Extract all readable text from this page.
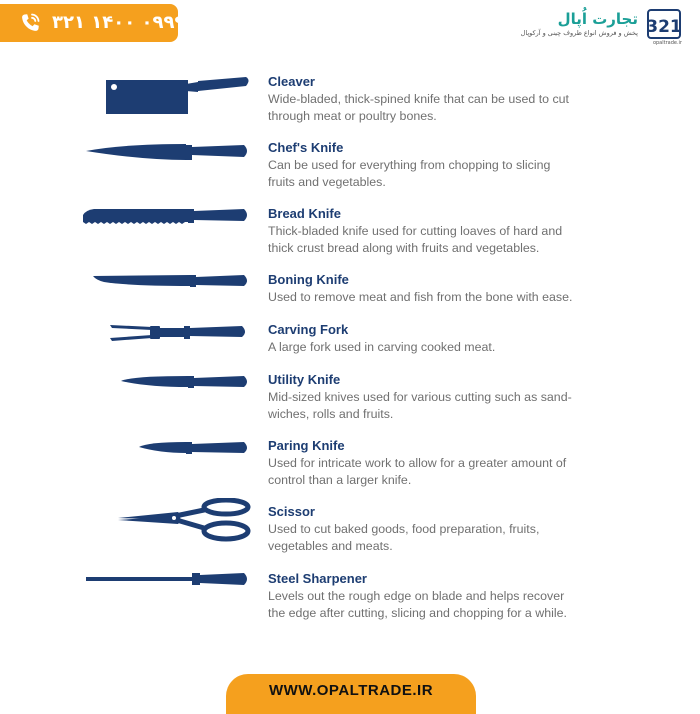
۰۹۹۹ ۱۴۰۰ ۳۲۱	تجارت اُپال
پخش و فروش انواع ظروف چینی و آرکوپال 321
opaltrade.ir
Cleaver
Wide-bladed, thick-spined knife that can be used to cut
through meat or poultry bones.
Chef's Knife
Can be used for everything from chopping to slicing
fruits and vegetables.
Bread Knife
Thick-bladed knife used for cutting loaves of hard and
thick crust bread along with fruits and vegetables.
Boning Knife
Used to remove meat and fish from the bone with ease.
Carving Fork
A large fork used in carving cooked meat.
Utility Knife
Mid-sized knives used for various cutting such as sand-
wiches, rolls and fruits.
Paring Knife
Used for intricate work to allow for a greater amount of
control than a larger knife.
Scissor
Used to cut baked goods, food preparation, fruits,
vegetables and meats.
Steel Sharpener
Levels out the rough edge on blade and helps recover
the edge after cutting, slicing and chopping for a while.
WWW.OPALTRADE.IR
